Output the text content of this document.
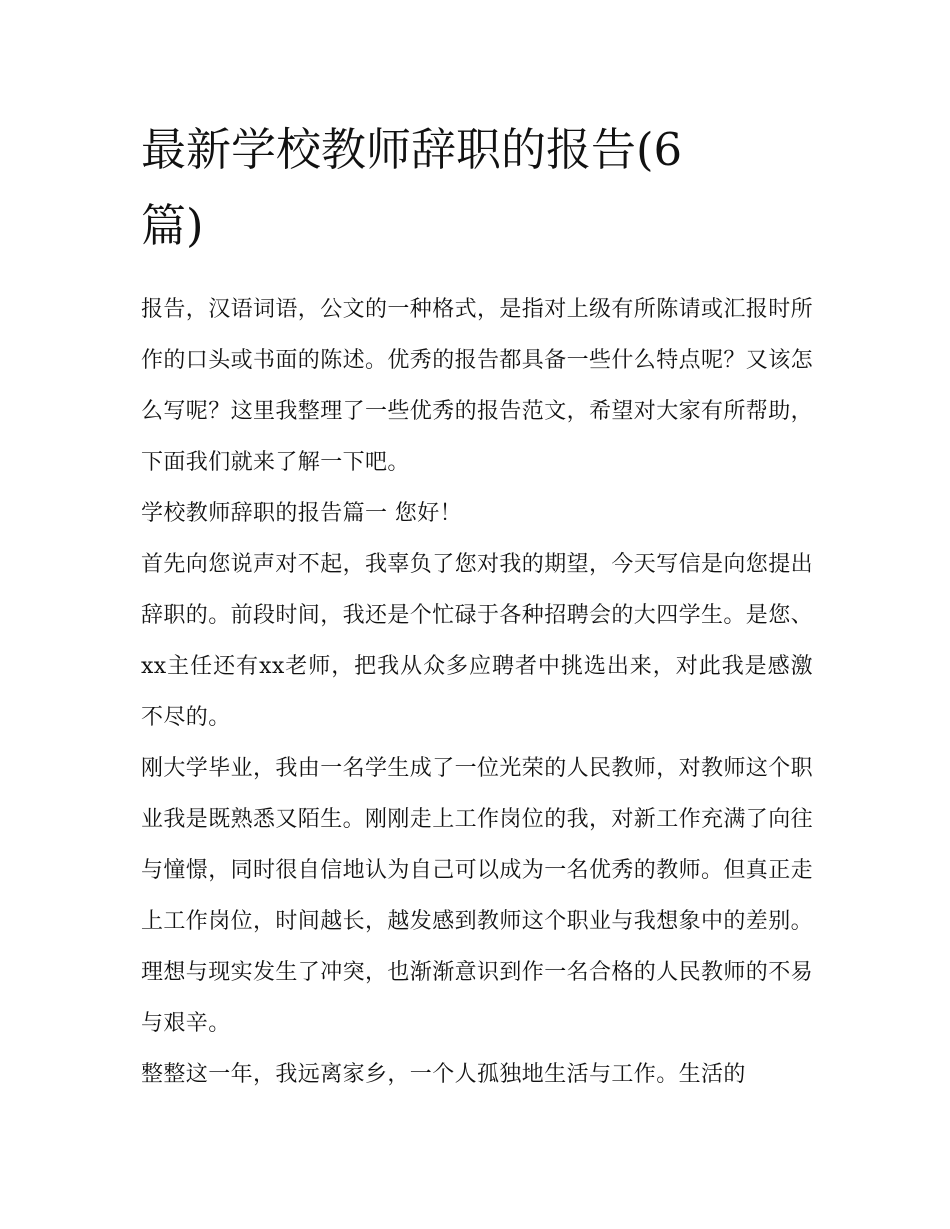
最新学校教师辞职的报告(6篇)

报告，汉语词语，公文的一种格式，是指对上级有所陈请或汇报时所作的口头或书面的陈述。优秀的报告都具备一些什么特点呢？又该怎么写呢？这里我整理了一些优秀的报告范文，希望对大家有所帮助，下面我们就来了解一下吧。

学校教师辞职的报告篇一 您好！

首先向您说声对不起，我辜负了您对我的期望，今天写信是向您提出辞职的。前段时间，我还是个忙碌于各种招聘会的大四学生。是您、xx主任还有xx老师，把我从众多应聘者中挑选出来，对此我是感激不尽的。

刚大学毕业，我由一名学生成了一位光荣的人民教师，对教师这个职业我是既熟悉又陌生。刚刚走上工作岗位的我，对新工作充满了向往与憧憬，同时很自信地认为自己可以成为一名优秀的教师。但真正走上工作岗位，时间越长，越发感到教师这个职业与我想象中的差别。理想与现实发生了冲突，也渐渐意识到作一名合格的人民教师的不易与艰辛。

整整这一年，我远离家乡，一个人孤独地生活与工作。生活的
